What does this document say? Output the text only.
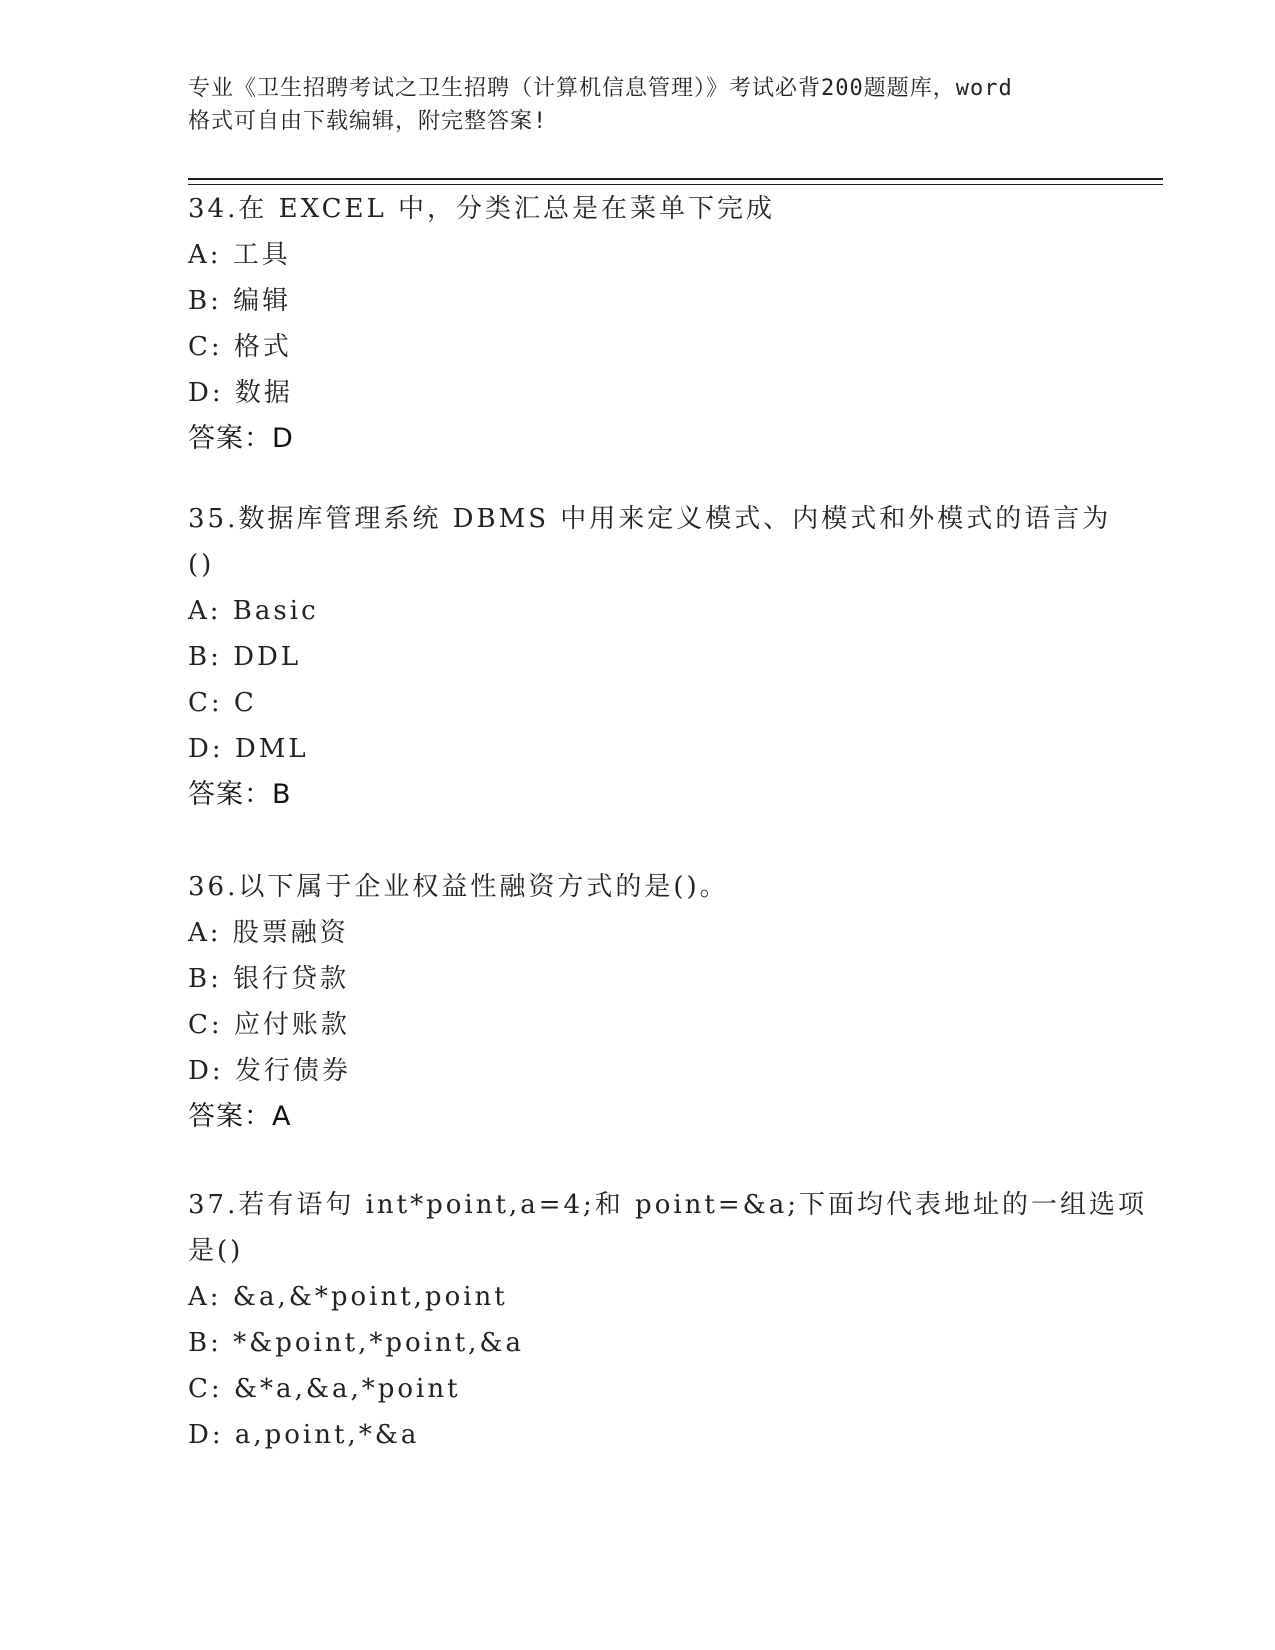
专业《卫生招聘考试之卫生招聘（计算机信息管理）》考试必背200题题库，word
格式可自由下载编辑，附完整答案!
34.在 EXCEL 中，分类汇总是在菜单下完成
A: 工具
B: 编辑
C: 格式
D: 数据
答案：D
35.数据库管理系统 DBMS 中用来定义模式、内模式和外模式的语言为
()
A: Basic
B: DDL
C: C
D: DML
答案：B
36.以下属于企业权益性融资方式的是()。
A: 股票融资
B: 银行贷款
C: 应付账款
D: 发行债券
答案：A
37.若有语句 int*point,a=4;和 point=&a;下面均代表地址的一组选项
是()
A: &a,&*point,point
B: *&point,*point,&a
C: &*a,&a,*point
D: a,point,*&a
